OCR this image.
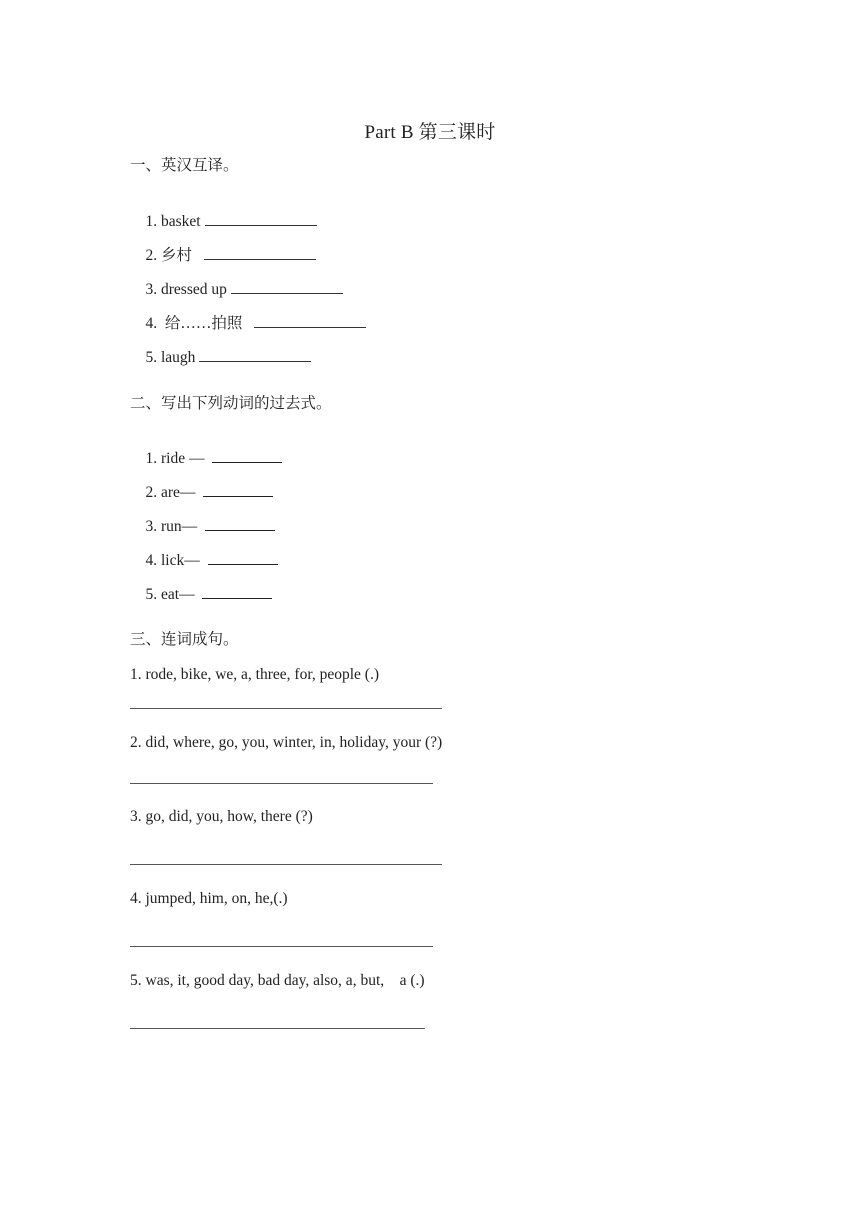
Part B 第三课时
一、英汉互译。

1. basket

2. 乡村

3. dressed up

4.  给……拍照

5. laugh

二、写出下列动词的过去式。

1. ride —

2. are—

3. run—

4. lick—

5. eat—

三、连词成句。
1. rode, bike, we, a, three, for, people (.)
2. did, where, go, you, winter, in, holiday, your (?)
3. go, did, you, how, there (?)
4. jumped, him, on, he,(.)
5. was, it, good day, bad day, also, a, but,    a (.)
